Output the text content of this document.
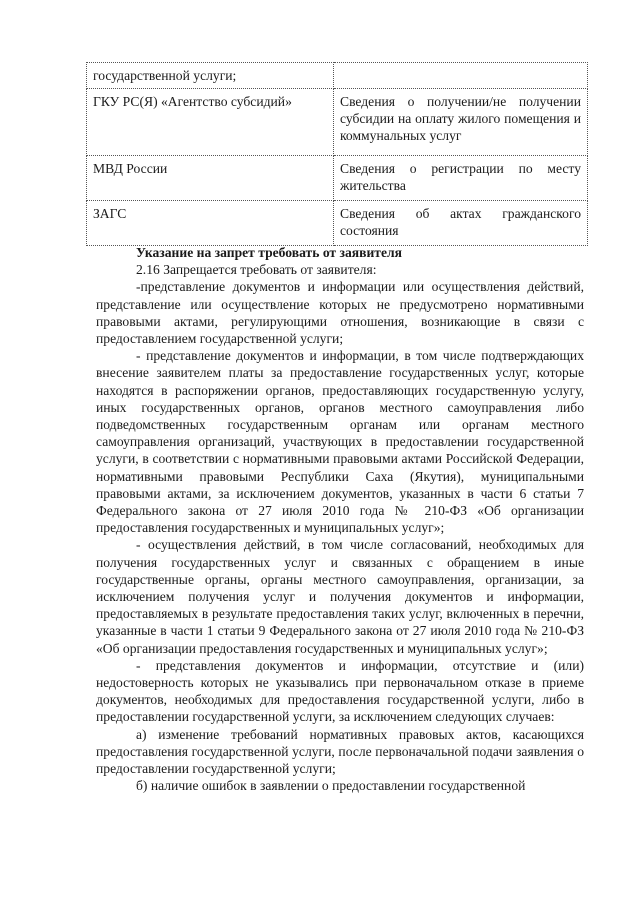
государственной услуги;	
ГКУ РС(Я) «Агентство субсидий»	Сведения о получении/не получении субсидии на оплату жилого помещения и коммунальных услуг
МВД России	Сведения о регистрации по месту жительства
ЗАГС	Сведения об актах гражданского состояния

Указание на запрет требовать от заявителя

2.16 Запрещается требовать от заявителя:

-представление документов и информации или осуществления действий, представление или осуществление которых не предусмотрено нормативными правовыми актами, регулирующими отношения, возникающие в связи с предоставлением государственной услуги;

- представление документов и информации, в том числе подтверждающих внесение заявителем платы за предоставление государственных услуг, которые находятся в распоряжении органов, предоставляющих государственную услугу, иных государственных органов, органов местного самоуправления либо подведомственных государственным органам или органам местного самоуправления организаций, участвующих в предоставлении государственной услуги, в соответствии с нормативными правовыми актами Российской Федерации, нормативными правовыми Республики Саха (Якутия), муниципальными правовыми актами, за исключением документов, указанных в части 6 статьи 7 Федерального закона от 27 июля 2010 года № 210-ФЗ «Об организации предоставления государственных и муниципальных услуг»;

- осуществления действий, в том числе согласований, необходимых для получения государственных услуг и связанных с обращением в иные государственные органы, органы местного самоуправления, организации, за исключением получения услуг и получения документов и информации, предоставляемых в результате предоставления таких услуг, включенных в перечни, указанные в части 1 статьи 9 Федерального закона от 27 июля 2010 года № 210-ФЗ «Об организации предоставления государственных и муниципальных услуг»;

- представления документов и информации, отсутствие и (или) недостоверность которых не указывались при первоначальном отказе в приеме документов, необходимых для предоставления государственной услуги, либо в предоставлении государственной услуги, за исключением следующих случаев:

а) изменение требований нормативных правовых актов, касающихся предоставления государственной услуги, после первоначальной подачи заявления о предоставлении государственной услуги;

б) наличие ошибок в заявлении о предоставлении государственной
